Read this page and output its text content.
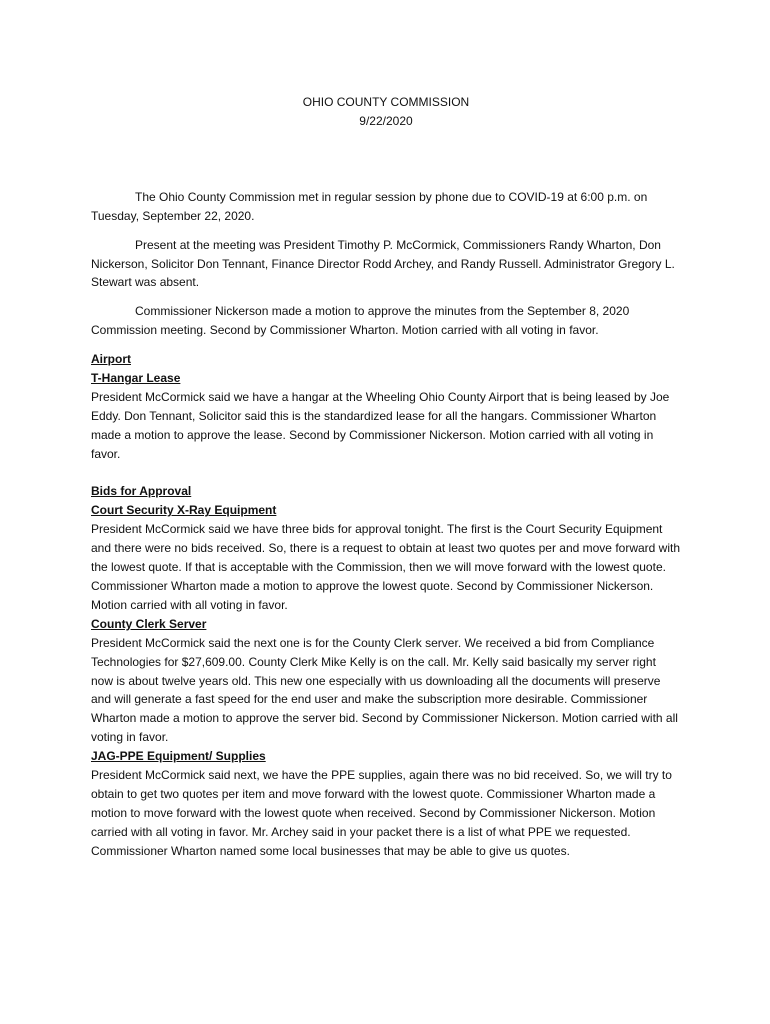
OHIO COUNTY COMMISSION

9/22/2020

The Ohio County Commission met in regular session by phone due to COVID-19 at 6:00 p.m. on Tuesday, September 22, 2020.

Present at the meeting was President Timothy P. McCormick, Commissioners Randy Wharton, Don Nickerson, Solicitor Don Tennant, Finance Director Rodd Archey, and Randy Russell. Administrator Gregory L. Stewart was absent.

Commissioner Nickerson made a motion to approve the minutes from the September 8, 2020 Commission meeting. Second by Commissioner Wharton. Motion carried with all voting in favor.

Airport

T-Hangar Lease

President McCormick said we have a hangar at the Wheeling Ohio County Airport that is being leased by Joe Eddy. Don Tennant, Solicitor said this is the standardized lease for all the hangars. Commissioner Wharton made a motion to approve the lease. Second by Commissioner Nickerson. Motion carried with all voting in favor.

Bids for Approval

Court Security X-Ray Equipment

President McCormick said we have three bids for approval tonight. The first is the Court Security Equipment and there were no bids received. So, there is a request to obtain at least two quotes per and move forward with the lowest quote. If that is acceptable with the Commission, then we will move forward with the lowest quote. Commissioner Wharton made a motion to approve the lowest quote. Second by Commissioner Nickerson. Motion carried with all voting in favor.

County Clerk Server

President McCormick said the next one is for the County Clerk server. We received a bid from Compliance Technologies for $27,609.00. County Clerk Mike Kelly is on the call. Mr. Kelly said basically my server right now is about twelve years old. This new one especially with us downloading all the documents will preserve and will generate a fast speed for the end user and make the subscription more desirable. Commissioner Wharton made a motion to approve the server bid. Second by Commissioner Nickerson. Motion carried with all voting in favor.

JAG-PPE Equipment/ Supplies

President McCormick said next, we have the PPE supplies, again there was no bid received. So, we will try to obtain to get two quotes per item and move forward with the lowest quote. Commissioner Wharton made a motion to move forward with the lowest quote when received. Second by Commissioner Nickerson. Motion carried with all voting in favor. Mr. Archey said in your packet there is a list of what PPE we requested. Commissioner Wharton named some local businesses that may be able to give us quotes.
